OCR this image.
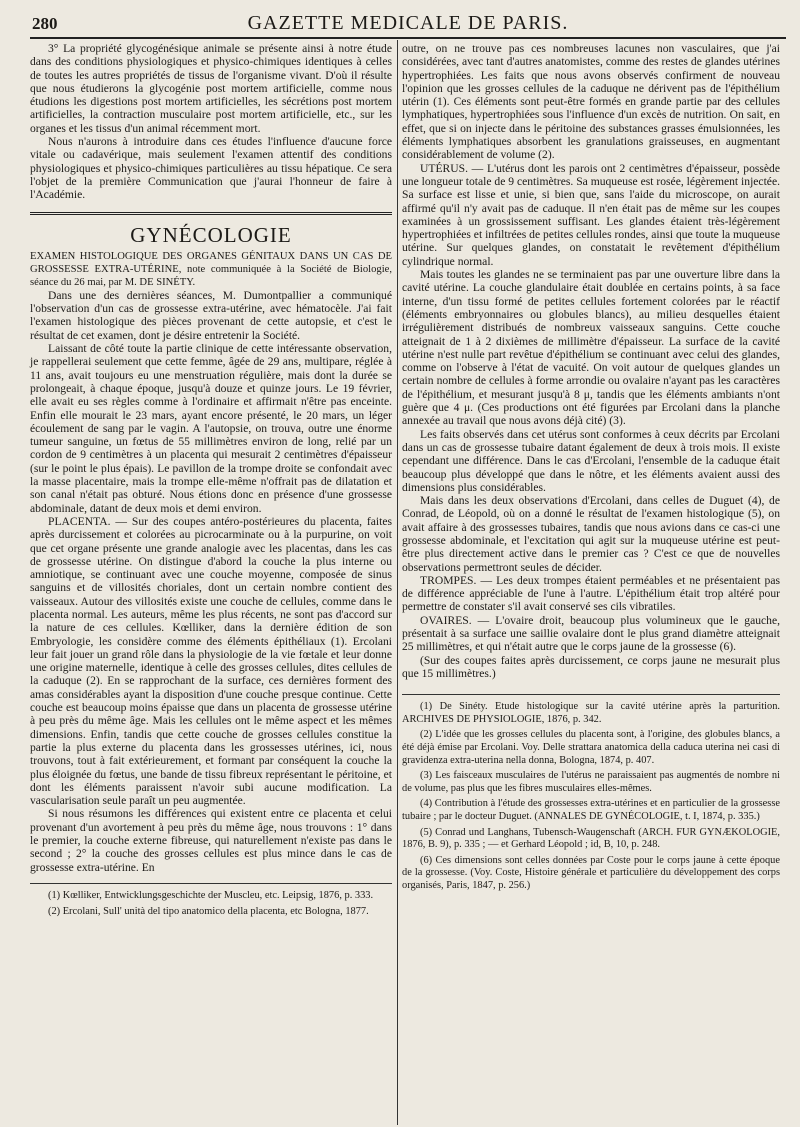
280	GAZETTE MEDICALE DE PARIS.

3° La propriété glycogénésique animale se présente ainsi à notre étude dans des conditions physiologiques et physico-chimiques identiques à celles de toutes les autres propriétés de tissus de l'organisme vivant. D'où il résulte que nous étudierons la glycogénie post mortem artificielle, comme nous étudions les digestions post mortem artificielles, les sécrétions post mortem artificielles, la contraction musculaire post mortem artificielle, etc., sur les organes et les tissus d'un animal récemment mort.

Nous n'aurons à introduire dans ces études l'influence d'aucune force vitale ou cadavérique, mais seulement l'examen attentif des conditions physiologiques et physico-chimiques particulières au tissu hépatique. Ce sera l'objet de la première Communication que j'aurai l'honneur de faire à l'Académie.

GYNÉCOLOGIE

EXAMEN HISTOLOGIQUE DES ORGANES GÉNITAUX DANS UN CAS DE GROSSESSE EXTRA-UTÉRINE, note communiquée à la Société de Biologie, séance du 26 mai, par M. DE SINÉTY.

Dans une des dernières séances, M. Dumontpallier a communiqué l'observation d'un cas de grossesse extra-utérine, avec hématocèle. J'ai fait l'examen histologique des pièces provenant de cette autopsie, et c'est le résultat de cet examen, dont je désire entretenir la Société.

Laissant de côté toute la partie clinique de cette intéressante observation, je rappellerai seulement que cette femme, âgée de 29 ans, multipare, réglée à 11 ans, avait toujours eu une menstruation régulière, mais dont la durée se prolongeait, à chaque époque, jusqu'à douze et quinze jours. Le 19 février, elle avait eu ses règles comme à l'ordinaire et affirmait n'être pas enceinte. Enfin elle mourait le 23 mars, ayant encore présenté, le 20 mars, un léger écoulement de sang par le vagin. A l'autopsie, on trouva, outre une énorme tumeur sanguine, un fœtus de 55 millimètres environ de long, relié par un cordon de 9 centimètres à un placenta qui mesurait 2 centimètres d'épaisseur (sur le point le plus épais). Le pavillon de la trompe droite se confondait avec la masse placentaire, mais la trompe elle-même n'offrait pas de dilatation et son canal n'était pas obturé. Nous étions donc en présence d'une grossesse abdominale, datant de deux mois et demi environ.

PLACENTA. — Sur des coupes antéro-postérieures du placenta, faites après durcissement et colorées au picrocarminate ou à la purpurine, on voit que cet organe présente une grande analogie avec les placentas, dans les cas de grossesse utérine. On distingue d'abord la couche la plus interne ou amniotique, se continuant avec une couche moyenne, composée de sinus sanguins et de villosités choriales, dont un certain nombre contient des vaisseaux. Autour des villosités existe une couche de cellules, comme dans le placenta normal. Les auteurs, même les plus récents, ne sont pas d'accord sur la nature de ces cellules. Kœlliker, dans la dernière édition de son Embryologie, les considère comme des éléments épithéliaux (1). Ercolani leur fait jouer un grand rôle dans la physiologie de la vie fœtale et leur donne une origine maternelle, identique à celle des grosses cellules, dites cellules de la caduque (2). En se rapprochant de la surface, ces dernières forment des amas considérables ayant la disposition d'une couche presque continue. Cette couche est beaucoup moins épaisse que dans un placenta de grossesse utérine à peu près du même âge. Mais les cellules ont le même aspect et les mêmes dimensions. Enfin, tandis que cette couche de grosses cellules constitue la partie la plus externe du placenta dans les grossesses utérines, ici, nous trouvons, tout à fait extérieurement, et formant par conséquent la couche la plus éloignée du fœtus, une bande de tissu fibreux représentant le péritoine, et dont les éléments paraissent n'avoir subi aucune modification. La vascularisation seule paraît un peu augmentée.

Si nous résumons les différences qui existent entre ce placenta et celui provenant d'un avortement à peu près du même âge, nous trouvons : 1° dans le premier, la couche externe fibreuse, qui naturellement n'existe pas dans le second ; 2° la couche des grosses cellules est plus mince dans le cas de grossesse extra-utérine. En

(1) Kœlliker, Entwicklungsgeschichte der Muscleu, etc. Leipsig, 1876, p. 333.

(2) Ercolani, Sull' unità del tipo anatomico della placenta, etc Bologna, 1877.

outre, on ne trouve pas ces nombreuses lacunes non vasculaires, que j'ai considérées, avec tant d'autres anatomistes, comme des restes de glandes utérines hypertrophiées. Les faits que nous avons observés confirment de nouveau l'opinion que les grosses cellules de la caduque ne dérivent pas de l'épithélium utérin (1). Ces éléments sont peut-être formés en grande partie par des cellules lymphatiques, hypertrophiées sous l'influence d'un excès de nutrition. On sait, en effet, que si on injecte dans le péritoine des substances grasses émulsionnées, les éléments lymphatiques absorbent les granulations graisseuses, en augmentant considérablement de volume (2).

UTÉRUS. — L'utérus dont les parois ont 2 centimètres d'épaisseur, possède une longueur totale de 9 centimètres. Sa muqueuse est rosée, légèrement injectée. Sa surface est lisse et unie, si bien que, sans l'aide du microscope, on aurait affirmé qu'il n'y avait pas de caduque. Il n'en était pas de même sur les coupes examinées à un grossissement suffisant. Les glandes étaient très-légèrement hypertrophiées et infiltrées de petites cellules rondes, ainsi que toute la muqueuse utérine. Sur quelques glandes, on constatait le revêtement d'épithélium cylindrique normal.

Mais toutes les glandes ne se terminaient pas par une ouverture libre dans la cavité utérine. La couche glandulaire était doublée en certains points, à sa face interne, d'un tissu formé de petites cellules fortement colorées par le réactif (éléments embryonnaires ou globules blancs), au milieu desquelles étaient irrégulièrement distribués de nombreux vaisseaux sanguins. Cette couche atteignait de 1 à 2 dixièmes de millimètre d'épaisseur. La surface de la cavité utérine n'est nulle part revêtue d'épithélium se continuant avec celui des glandes, comme on l'observe à l'état de vacuité. On voit autour de quelques glandes un certain nombre de cellules à forme arrondie ou ovalaire n'ayant pas les caractères de l'épithélium, et mesurant jusqu'à 8 μ, tandis que les éléments ambiants n'ont guère que 4 μ. (Ces productions ont été figurées par Ercolani dans la planche annexée au travail que nous avons déjà cité) (3).

Les faits observés dans cet utérus sont conformes à ceux décrits par Ercolani dans un cas de grossesse tubaire datant également de deux à trois mois. Il existe cependant une différence. Dans le cas d'Ercolani, l'ensemble de la caduque était beaucoup plus développé que dans le nôtre, et les éléments avaient aussi des dimensions plus considérables.

Mais dans les deux observations d'Ercolani, dans celles de Duguet (4), de Conrad, de Léopold, où on a donné le résultat de l'examen histologique (5), on avait affaire à des grossesses tubaires, tandis que nous avions dans ce cas-ci une grossesse abdominale, et l'excitation qui agit sur la muqueuse utérine est peut-être plus directement active dans le premier cas ? C'est ce que de nouvelles observations permettront seules de décider.

TROMPES. — Les deux trompes étaient perméables et ne présentaient pas de différence appréciable de l'une à l'autre. L'épithélium était trop altéré pour permettre de constater s'il avait conservé ses cils vibratiles.

OVAIRES. — L'ovaire droit, beaucoup plus volumineux que le gauche, présentait à sa surface une saillie ovalaire dont le plus grand diamètre atteignait 25 millimètres, et qui n'était autre que le corps jaune de la grossesse (6).

(Sur des coupes faites après durcissement, ce corps jaune ne mesurait plus que 15 millimètres.)

(1) De Sinéty. Etude histologique sur la cavité utérine après la parturition. ARCHIVES DE PHYSIOLOGIE, 1876, p. 342.

(2) L'idée que les grosses cellules du placenta sont, à l'origine, des globules blancs, a été déjà émise par Ercolani. Voy. Delle strattara anatomica della caduca uterina nei casi di gravidenza extra-uterina nella donna, Bologna, 1874, p. 407.

(3) Les faisceaux musculaires de l'utérus ne paraissaient pas augmentés de nombre ni de volume, pas plus que les fibres musculaires elles-mêmes.

(4) Contribution à l'étude des grossesses extra-utérines et en particulier de la grossesse tubaire ; par le docteur Duguet. (ANNALES DE GYNÉCOLOGIE, t. I, 1874, p. 335.)

(5) Conrad und Langhans, Tubensch-Waugenschaft (ARCH. FUR GYNÆKOLOGIE, 1876, B. 9), p. 335 ; — et Gerhard Léopold ; id, B, 10, p. 248.

(6) Ces dimensions sont celles données par Coste pour le corps jaune à cette époque de la grossesse. (Voy. Coste, Histoire générale et particulière du développement des corps organisés, Paris, 1847, p. 256.)
